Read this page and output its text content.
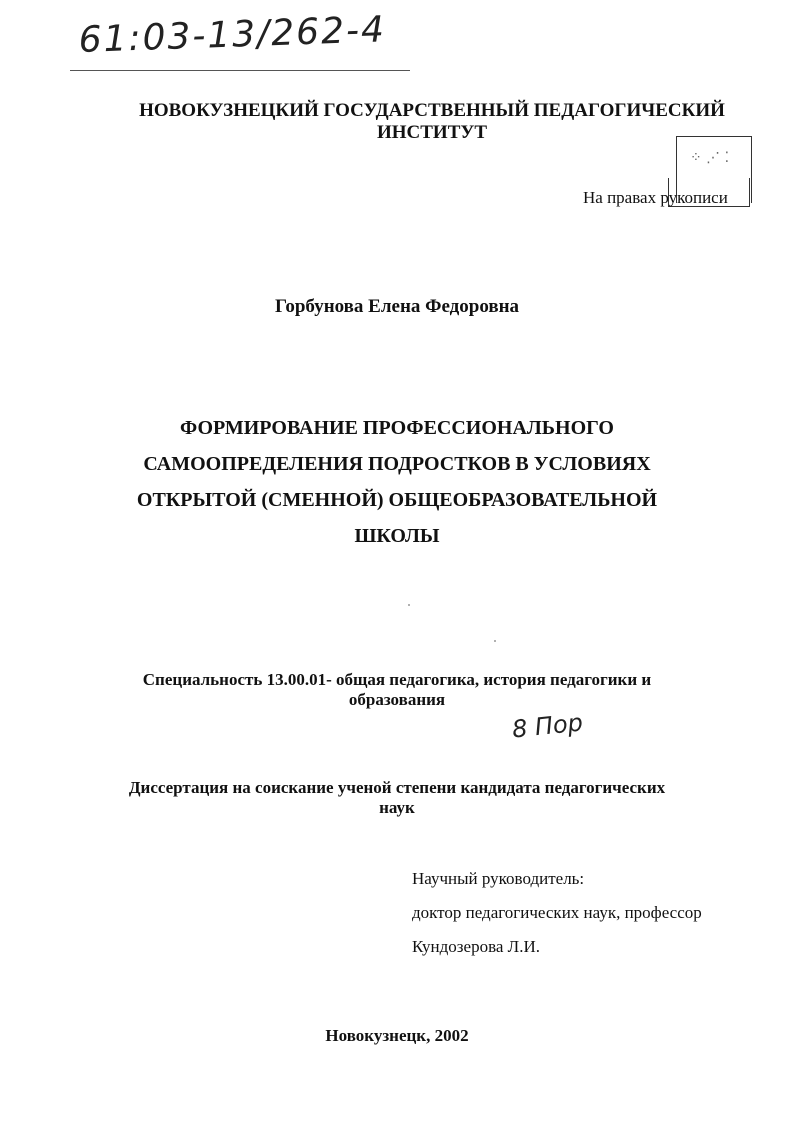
61:03-13/262-4
НОВОКУЗНЕЦКИЙ ГОСУДАРСТВЕННЫЙ ПЕДАГОГИЧЕСКИЙ
ИНСТИТУТ
⁘ ⋰ ⁚
На правах рукописи
Горбунова Елена Федоровна
ФОРМИРОВАНИЕ ПРОФЕССИОНАЛЬНОГО
САМООПРЕДЕЛЕНИЯ ПОДРОСТКОВ В УСЛОВИЯХ
ОТКРЫТОЙ (СМЕННОЙ) ОБЩЕОБРАЗОВАТЕЛЬНОЙ
ШКОЛЫ
Специальность 13.00.01- общая педагогика, история педагогики и
образования
8 Пор
Диссертация на соискание ученой степени кандидата педагогических
наук
Научный руководитель:
доктор педагогических наук, профессор
Кундозерова Л.И.
Новокузнецк, 2002
